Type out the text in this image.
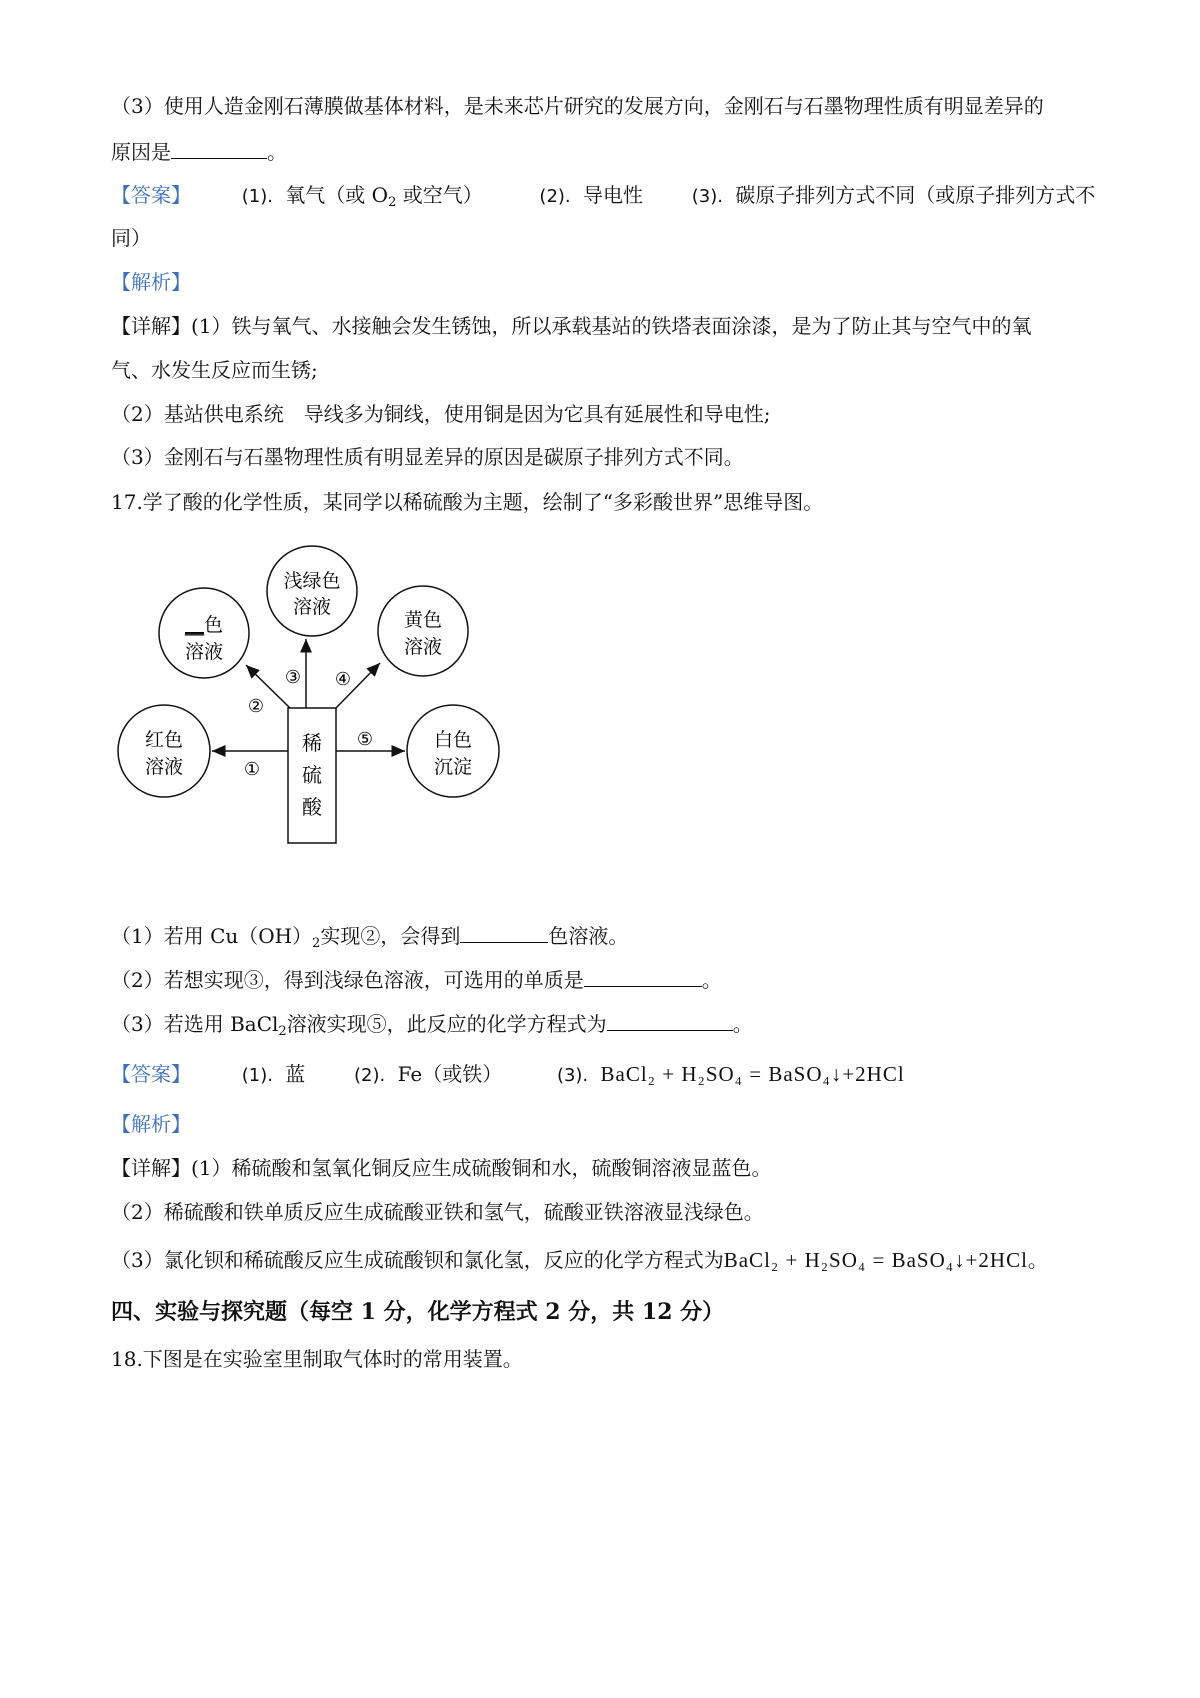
（3）使用人造金刚石薄膜做基体材料，是未来芯片研究的发展方向，金刚石与石墨物理性质有明显差异的
原因是	。
【答案】	(1). 氧气（或 $O_2$ 或空气）	(2). 导电性	(3). 碳原子排列方式不同（或原子排列方式不
同）
【解析】
【详解】(1）铁与氧气、水接触会发生锈蚀，所以承载基站的铁塔表面涂漆，是为了防止其与空气中的氧
气、水发生反应而生锈;
（2）基站供电系统　导线多为铜线，使用铜是因为它具有延展性和导电性;
（3）金刚石与石墨物理性质有明显差异的原因是碳原子排列方式不同。
17.学了酸的化学性质，某同学以稀硫酸为主题，绘制了“多彩酸世界”思维导图。
稀
硫
酸
浅绿色
溶液
__色
溶液
黄色
溶液
红色
溶液
白色
沉淀
①
②
③ ④
⑤
（1）若用 $Cu(OH)_2$实现②，会得到	色溶液。
（2）若想实现③，得到浅绿色溶液，可选用的单质是	。
（3）若选用 BaCl$_2$溶液实现⑤，此反应的化学方程式为	。
【答案】	(1). 蓝	(2). Fe（或铁）	(3). BaCl₂ + H₂SO₄ = BaSO₄↓+2HCl
【解析】
【详解】(1）稀硫酸和氢氧化铜反应生成硫酸铜和水，硫酸铜溶液显蓝色。
（2）稀硫酸和铁单质反应生成硫酸亚铁和氢气，硫酸亚铁溶液显浅绿色。
（3）氯化钡和稀硫酸反应生成硫酸钡和氯化氢，反应的化学方程式为BaCl₂ + H₂SO₄ = BaSO₄↓+2HCl。
四、实验与探究题（每空 1 分，化学方程式 2 分，共 12 分）
18.下图是在实验室里制取气体时的常用装置。
